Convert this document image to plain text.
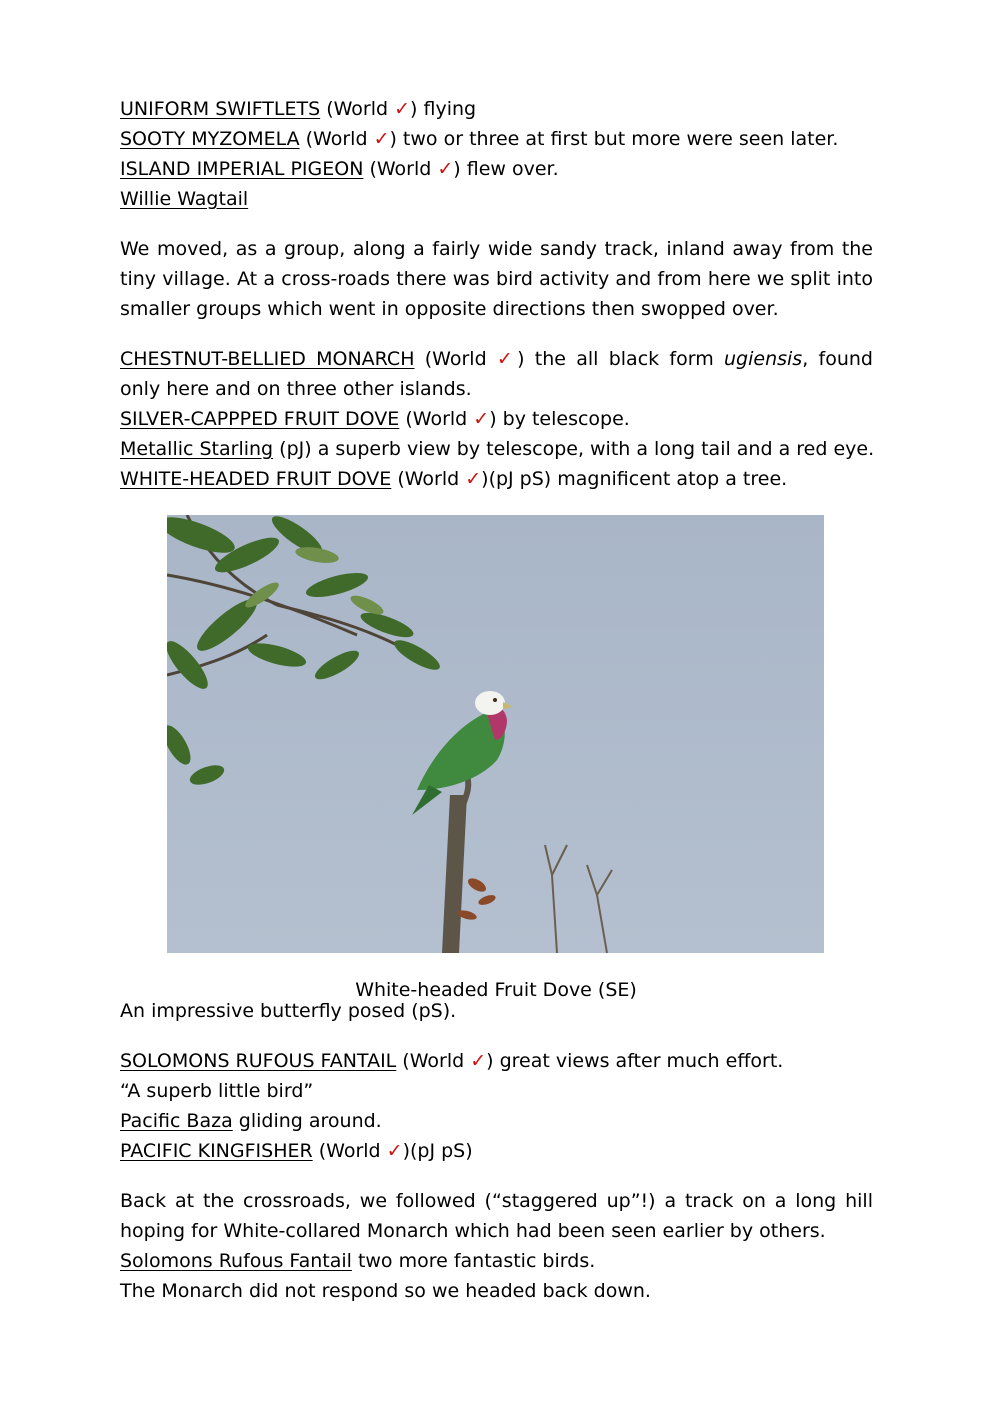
UNIFORM SWIFTLETS (World ✓) flying

SOOTY MYZOMELA (World ✓) two or three at first but more were seen later.

ISLAND IMPERIAL PIGEON (World ✓) flew over.

Willie Wagtail

We moved, as a group, along a fairly wide sandy track, inland away from the tiny village. At a cross-roads there was bird activity and from here we split into smaller groups which went in opposite directions then swopped over.

CHESTNUT-BELLIED MONARCH (World ✓) the all black form ugiensis, found only here and on three other islands.

SILVER-CAPPPED FRUIT DOVE (World ✓) by telescope.

Metallic Starling (pJ) a superb view by telescope, with a long tail and a red eye.

WHITE-HEADED FRUIT DOVE (World ✓)(pJ pS) magnificent atop a tree.

White-headed Fruit Dove (SE)

An impressive butterfly posed (pS).

SOLOMONS RUFOUS FANTAIL (World ✓) great views after much effort.

“A superb little bird”

Pacific Baza gliding around.

PACIFIC KINGFISHER (World ✓)(pJ pS)

Back at the crossroads, we followed (“staggered up”!) a track on a long hill hoping for White-collared Monarch which had been seen earlier by others.

Solomons Rufous Fantail two more fantastic birds.

The Monarch did not respond so we headed back down.
